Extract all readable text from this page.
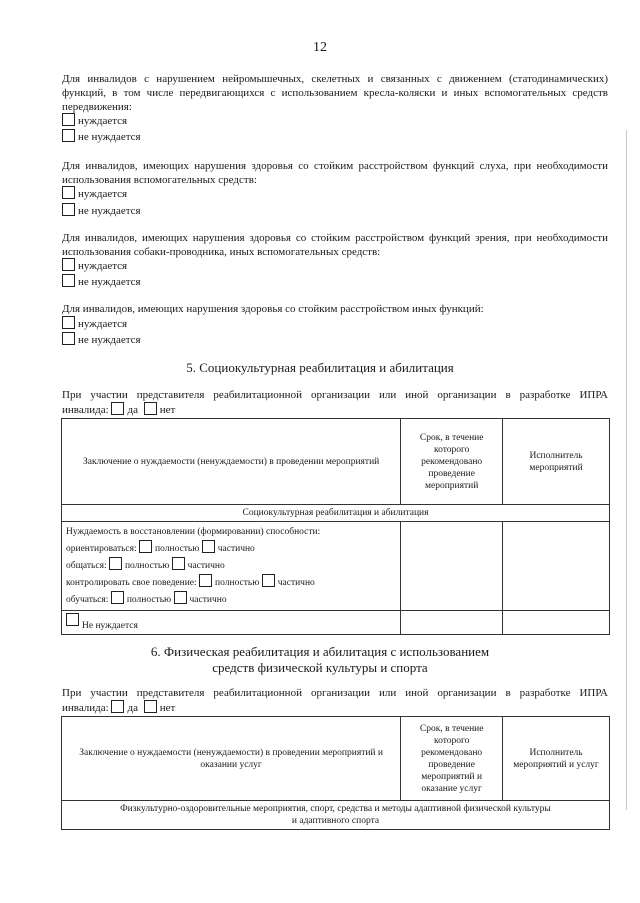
12
Для инвалидов с нарушением нейромышечных, скелетных и связанных с движением (статодинамических) функций, в том числе передвигающихся с использованием кресла-коляски и иных вспомогательных средств передвижения:
нуждается
не нуждается
Для инвалидов, имеющих нарушения здоровья со стойким расстройством функций слуха, при необходимости использования вспомогательных средств:
нуждается
не нуждается
Для инвалидов, имеющих нарушения здоровья со стойким расстройством функций зрения, при необходимости использования собаки-проводника, иных вспомогательных средств:
нуждается
не нуждается
Для инвалидов, имеющих нарушения здоровья со стойким расстройством иных функций:
нуждается
не нуждается
5. Социокультурная реабилитация и абилитация
При участии представителя реабилитационной организации или иной организации в разработке ИПРА
инвалида: да нет
Заключение о нуждаемости (ненуждаемости) в проведении мероприятий	Срок, в течение которого рекомендовано проведение мероприятий	Исполнитель мероприятий
Социокультурная реабилитация и абилитация		

Нуждаемость в восстановлении (формировании) способности:
ориентироваться: полностью частично
общаться: полностью частично
контролировать свое поведение: полностью частично
обучаться: полностью частично		

Не нуждается		
6. Физическая реабилитация и абилитация с использованием
средств физической культуры и спорта
При участии представителя реабилитационной организации или иной организации в разработке ИПРА
инвалида: да нет
Заключение о нуждаемости (ненуждаемости) в проведении мероприятий и оказании услуг	Срок, в течение которого рекомендовано проведение мероприятий и оказание услуг	Исполнитель мероприятий и услуг

Физкультурно-оздоровительные мероприятия, спорт, средства и методы адаптивной физической культуры
и адаптивного спорта
